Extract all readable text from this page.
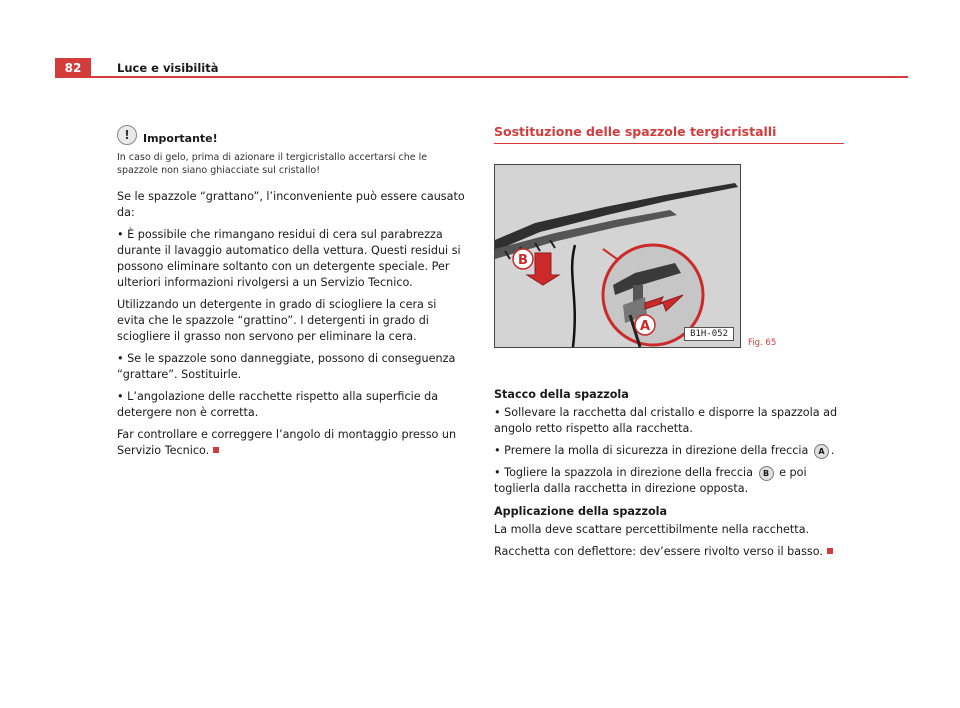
82	Luce e visibilità
!	Importante!

In caso di gelo, prima di azionare il tergicristallo accertarsi che le spazzole non siano ghiacciate sul cristallo!

Se le spazzole “grattano”, l’inconveniente può essere causato da:

• È possibile che rimangano residui di cera sul parabrezza durante il lavaggio automatico della vettura. Questi residui si possono eliminare soltanto con un detergente speciale. Per ulteriori informazioni rivolgersi a un Servizio Tecnico.

Utilizzando un detergente in grado di sciogliere la cera si evita che le spazzole “grattino”. I detergenti in grado di sciogliere il grasso non servono per eliminare la cera.

• Se le spazzole sono danneggiate, possono di conseguenza “grattare”. Sostituirle.

• L’angolazione delle racchette rispetto alla superficie da detergere non è corretta.

Far controllare e correggere l’angolo di montaggio presso un Servizio Tecnico.

Sostituzione delle spazzole tergicristalli
B
A	B1H-052
Fig. 65
Stacco della spazzola

• Sollevare la racchetta dal cristallo e disporre la spazzola ad angolo retto rispetto alla racchetta.

• Premere la molla di sicurezza in direzione della freccia A .

• Togliere la spazzola in direzione della freccia B e poi toglierla dalla racchetta in direzione opposta.

Applicazione della spazzola

La molla deve scattare percettibilmente nella racchetta.

Racchetta con deflettore: dev’essere rivolto verso il basso.
